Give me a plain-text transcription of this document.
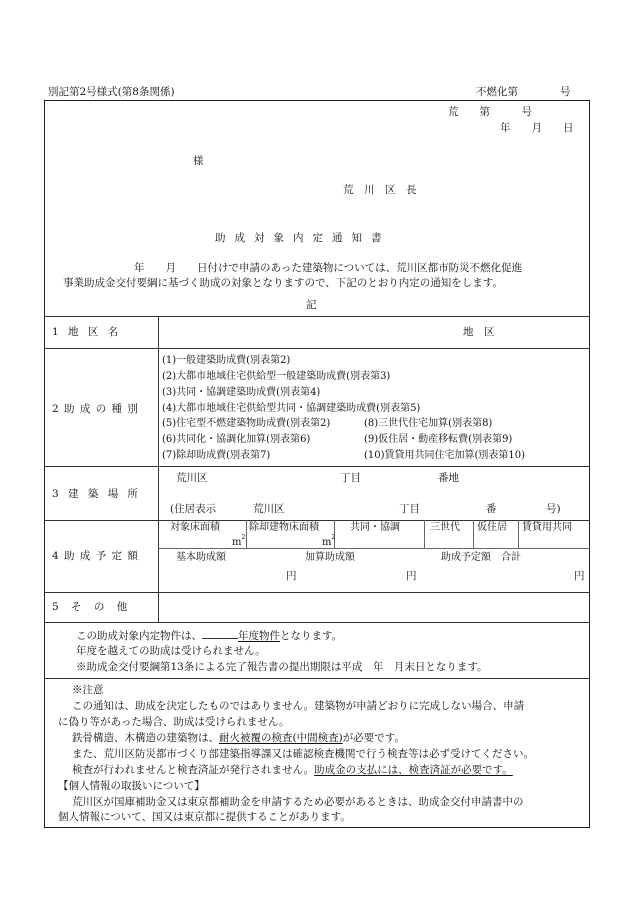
別記第2号様式(第8条関係)	不燃化第　　　　号
荒　　第　　　号
年　　月　　日
様
荒　川　区　長
助成対象内定通知書
年　　月　　日付けで申請のあった建築物については、荒川区都市防災不燃化促進
事業助成金交付要綱に基づく助成の対象となりますので、下記のとおり内定の通知をします。
記
1 地 区 名	地　区
2 助 成 の 種 別
(1)一般建築助成費(別表第2)
(2)大都市地域住宅供給型一般建築助成費(別表第3)
(3)共同・協調建築助成費(別表第4)
(4)大都市地域住宅供給型共同・協調建築助成費(別表第5)
(5)住宅型不燃建築物助成費(別表第2)	(8)三世代住宅加算(別表第8)
(6)共同化・協調化加算(別表第6)	(9)仮住居・動産移転費(別表第9)
(7)除却助成費(別表第7)	(10)賃貸用共同住宅加算(別表第10)
3 建 築 場 所
荒川区	丁目	番地
(住居表示	荒川区	丁目	番	号)
4 助 成 予 定 額
対象床面積	除却建物床面積	共同・協調	三世代 仮住居 賃貸用共同
m 2	m 2
基本助成額	加算助成額	助成予定額　合計
円	円	円
5 そ の 他
この助成対象内定物件は、	年度物件となります。
年度を越えての助成は受けられません。
※助成金交付要綱第13条による完了報告書の提出期限は平成　年　月末日となります。
※注意
この通知は、助成を決定したものではありません。建築物が申請どおりに完成しない場合、申請
に偽り等があった場合、助成は受けられません。
鉄骨構造、木構造の建築物は、耐火被覆の検査(中間検査)が必要です。
また、荒川区防災都市づくり部建築指導課又は確認検査機関で行う検査等は必ず受けてください。
検査が行われませんと検査済証が発行されません。助成金の支払には、検査済証が必要です。
【個人情報の取扱いについて】
荒川区が国庫補助金又は東京都補助金を申請するため必要があるときは、助成金交付申請書中の
個人情報について、国又は東京都に提供することがあります。
